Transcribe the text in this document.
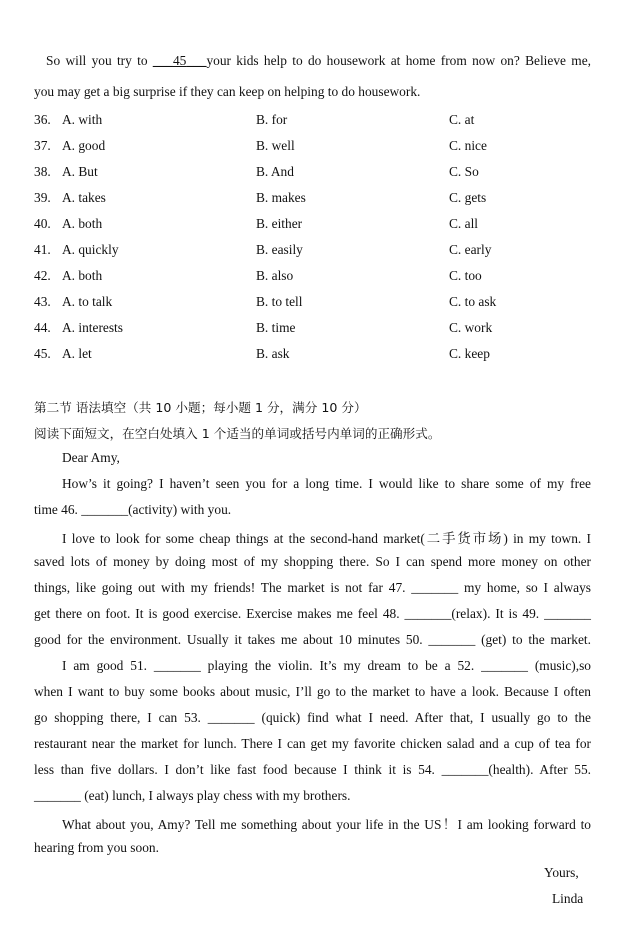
So will you try to ___45___your kids help to do housework at home from now on? Believe me,
you may get a big surprise if they can keep on helping to do housework.
36. A. with	B. for	C. at
37. A. good	B. well	C. nice
38. A. But	B. And	C. So
39. A. takes	B. makes	C. gets
40. A. both	B. either	C. all
41. A. quickly	B. easily	C. early
42. A. both	B. also	C. too
43. A. to talk	B. to tell	C. to ask
44. A. interests	B. time	C. work
45. A. let	B. ask	C. keep
第二节 语法填空（共 10 小题；每小题 1 分，满分 10 分）
阅读下面短文，在空白处填入 1 个适当的单词或括号内单词的正确形式。
Dear Amy,
How’s it going? I haven’t seen you for a long time. I would like to share some of my free
time 46. _______(activity) with you.
I love to look for some cheap things at the second-hand market(二手货市场) in my town. I
saved lots of money by doing most of my shopping there. So I can spend more money on other
things, like going out with my friends! The market is not far 47. _______ my home, so I always
get there on foot. It is good exercise. Exercise makes me feel 48. _______(relax). It is 49. _______
good for the environment. Usually it takes me about 10 minutes 50. _______ (get) to the market.
I am good 51. _______ playing the violin. It’s my dream to be a 52. _______ (music),so
when I want to buy some books about music, I’ll go to the market to have a look. Because I often
go shopping there, I can 53. _______ (quick) find what I need. After that, I usually go to the
restaurant near the market for lunch. There I can get my favorite chicken salad and a cup of tea for
less than five dollars. I don’t like fast food because I think it is 54. _______(health). After 55.
_______ (eat) lunch, I always play chess with my brothers.
What about you, Amy? Tell me something about your life in the US！I am looking forward to
hearing from you soon.
Yours,
Linda
